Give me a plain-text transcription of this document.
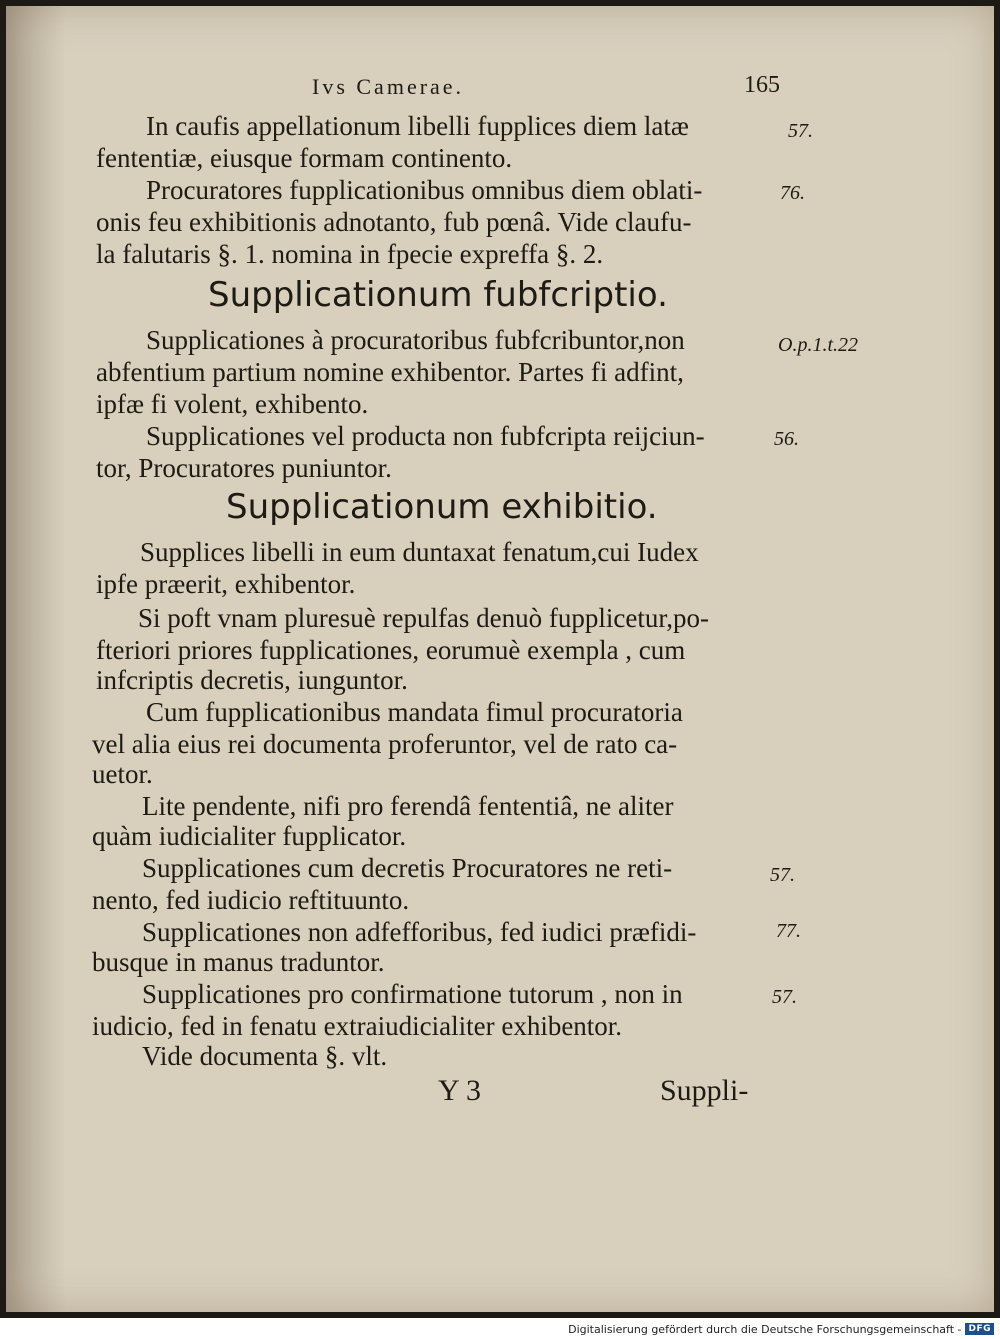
Ivs Camerae.	165
In caufis appellationum libelli fupplices diem latæ
fententiæ, eiusque formam continento.
Procuratores fupplicationibus omnibus diem oblati-
onis feu exhibitionis adnotanto, fub pœnâ. Vide claufu-
la falutaris §. 1. nomina in fpecie expreffa §. 2.
Supplicationum fubfcriptio.
Supplicationes à procuratoribus fubfcribuntor,non
abfentium partium nomine exhibentor. Partes fi adfint,
ipfæ fi volent, exhibento.
Supplicationes vel producta non fubfcripta reijciun-
tor, Procuratores puniuntor.
Supplicationum exhibitio.
Supplices libelli in eum duntaxat fenatum,cui Iudex
ipfe præerit, exhibentor.
Si poft vnam pluresuè repulfas denuò fupplicetur,po-
fteriori priores fupplicationes, eorumuè exempla , cum
infcriptis decretis, iunguntor.
Cum fupplicationibus mandata fimul procuratoria
vel alia eius rei documenta proferuntor, vel de rato ca-
uetor.
Lite pendente, nifi pro ferendâ fententiâ, ne aliter
quàm iudicialiter fupplicator.
Supplicationes cum decretis Procuratores ne reti-
nento, fed iudicio reftituunto.
Supplicationes non adfefforibus, fed iudici præfidi-
busque in manus traduntor.
Supplicationes pro confirmatione tutorum , non in
iudicio, fed in fenatu extraiudicialiter exhibentor.
Vide documenta §. vlt.
57.
76.
O.p.1.t.22
56.
57.
77.
57.
Y 3	Suppli-
Digitalisierung gefördert durch die Deutsche Forschungsgemeinschaft - DFG
